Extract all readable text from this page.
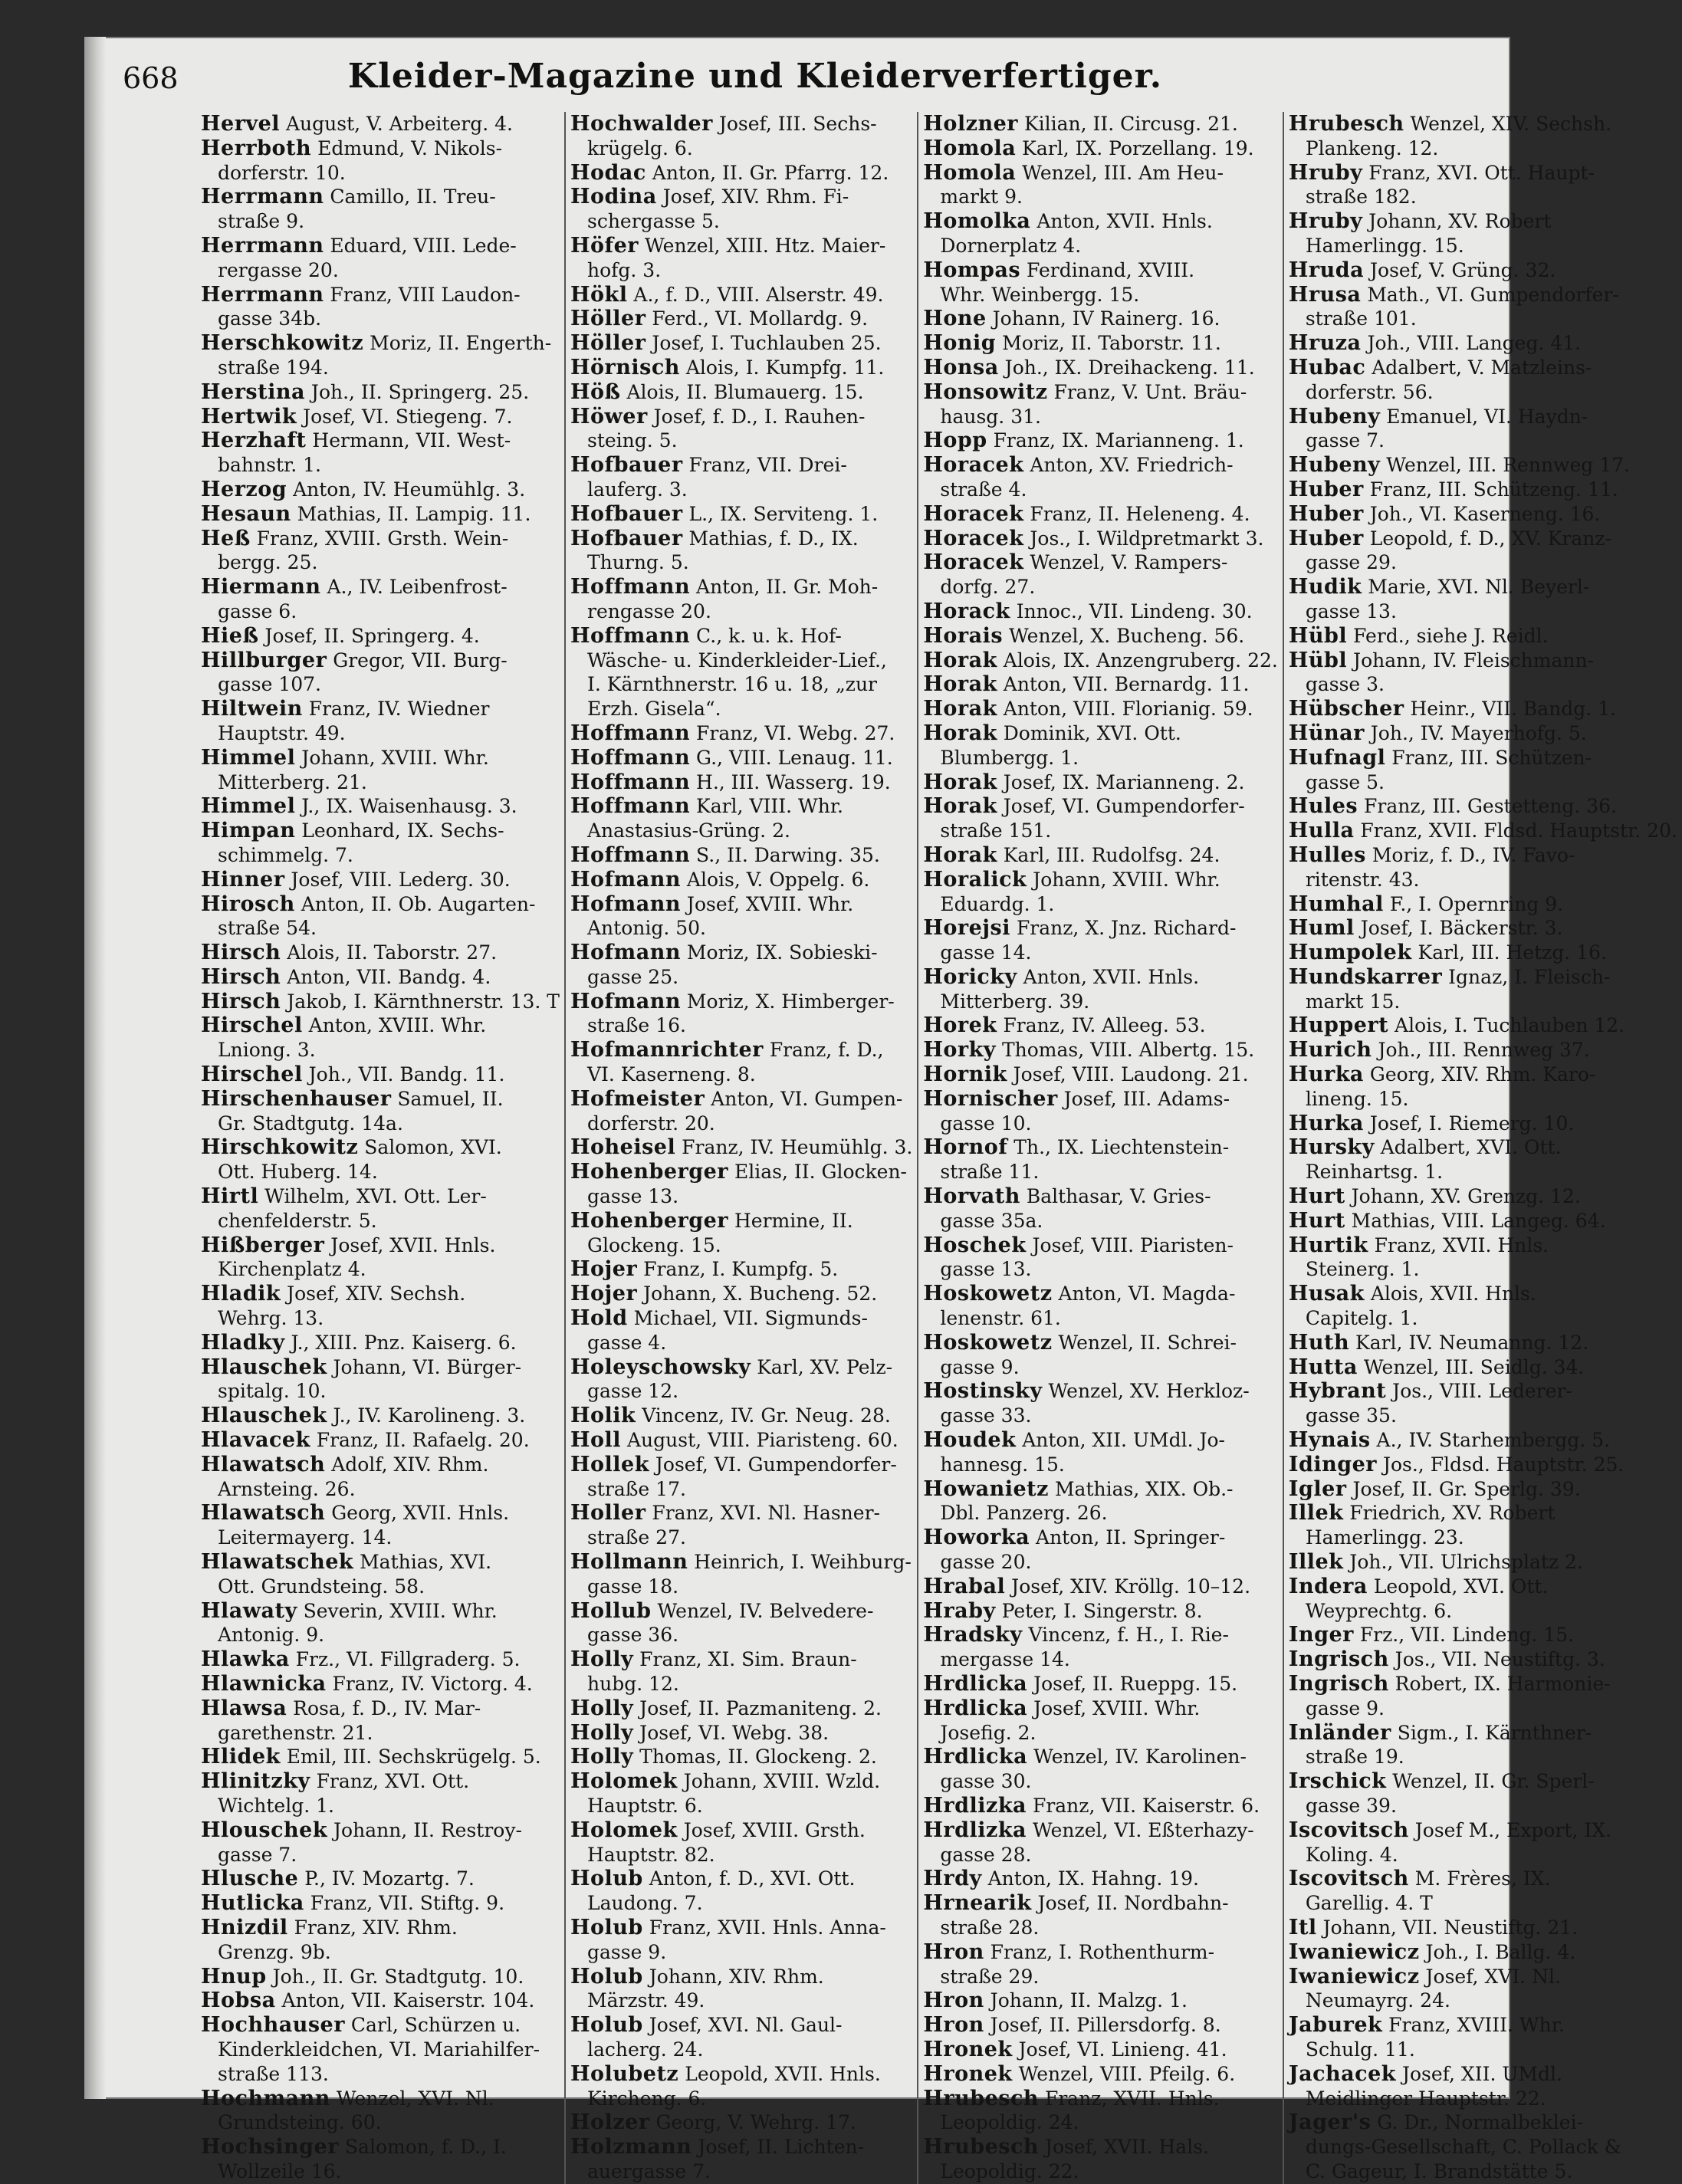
668	Kleider-Magazine und Kleiderverfertiger.
Hervel August, V. Arbeiterg. 4.
Herrboth Edmund, V. Nikols-
dorferstr. 10.
Herrmann Camillo, II. Treu-
straße 9.
Herrmann Eduard, VIII. Lede-
rergasse 20.
Herrmann Franz, VIII Laudon-
gasse 34b.
Herschkowitz Moriz, II. Engerth-
straße 194.
Herstina Joh., II. Springerg. 25.
Hertwik Josef, VI. Stiegeng. 7.
Herzhaft Hermann, VII. West-
bahnstr. 1.
Herzog Anton, IV. Heumühlg. 3.
Hesaun Mathias, II. Lampig. 11.
Heß Franz, XVIII. Grsth. Wein-
bergg. 25.
Hiermann A., IV. Leibenfrost-
gasse 6.
Hieß Josef, II. Springerg. 4.
Hillburger Gregor, VII. Burg-
gasse 107.
Hiltwein Franz, IV. Wiedner
Hauptstr. 49.
Himmel Johann, XVIII. Whr.
Mitterberg. 21.
Himmel J., IX. Waisenhausg. 3.
Himpan Leonhard, IX. Sechs-
schimmelg. 7.
Hinner Josef, VIII. Lederg. 30.
Hirosch Anton, II. Ob. Augarten-
straße 54.
Hirsch Alois, II. Taborstr. 27.
Hirsch Anton, VII. Bandg. 4.
Hirsch Jakob, I. Kärnthnerstr. 13. T
Hirschel Anton, XVIII. Whr.
Lniong. 3.
Hirschel Joh., VII. Bandg. 11.
Hirschenhauser Samuel, II.
Gr. Stadtgutg. 14a.
Hirschkowitz Salomon, XVI.
Ott. Huberg. 14.
Hirtl Wilhelm, XVI. Ott. Ler-
chenfelderstr. 5.
Hißberger Josef, XVII. Hnls.
Kirchenplatz 4.
Hladik Josef, XIV. Sechsh.
Wehrg. 13.
Hladky J., XIII. Pnz. Kaiserg. 6.
Hlauschek Johann, VI. Bürger-
spitalg. 10.
Hlauschek J., IV. Karolineng. 3.
Hlavacek Franz, II. Rafaelg. 20.
Hlawatsch Adolf, XIV. Rhm.
Arnsteing. 26.
Hlawatsch Georg, XVII. Hnls.
Leitermayerg. 14.
Hlawatschek Mathias, XVI.
Ott. Grundsteing. 58.
Hlawaty Severin, XVIII. Whr.
Antonig. 9.
Hlawka Frz., VI. Fillgraderg. 5.
Hlawnicka Franz, IV. Victorg. 4.
Hlawsa Rosa, f. D., IV. Mar-
garethenstr. 21.
Hlidek Emil, III. Sechskrügelg. 5.
Hlinitzky Franz, XVI. Ott.
Wichtelg. 1.
Hlouschek Johann, II. Restroy-
gasse 7.
Hlusche P., IV. Mozartg. 7.
Hutlicka Franz, VII. Stiftg. 9.
Hnizdil Franz, XIV. Rhm.
Grenzg. 9b.
Hnup Joh., II. Gr. Stadtgutg. 10.
Hobsa Anton, VII. Kaiserstr. 104.
Hochhauser Carl, Schürzen u.
Kinderkleidchen, VI. Mariahilfer-
straße 113.
Hochmann Wenzel, XVI. Nl.
Grundsteing. 60.
Hochsinger Salomon, f. D., I.
Wollzeile 16.
Hochwalder Josef, III. Sechs-
krügelg. 6.
Hodac Anton, II. Gr. Pfarrg. 12.
Hodina Josef, XIV. Rhm. Fi-
schergasse 5.
Höfer Wenzel, XIII. Htz. Maier-
hofg. 3.
Hökl A., f. D., VIII. Alserstr. 49.
Höller Ferd., VI. Mollardg. 9.
Höller Josef, I. Tuchlauben 25.
Hörnisch Alois, I. Kumpfg. 11.
Höß Alois, II. Blumauerg. 15.
Höwer Josef, f. D., I. Rauhen-
steing. 5.
Hofbauer Franz, VII. Drei-
lauferg. 3.
Hofbauer L., IX. Serviteng. 1.
Hofbauer Mathias, f. D., IX.
Thurng. 5.
Hoffmann Anton, II. Gr. Moh-
rengasse 20.
Hoffmann C., k. u. k. Hof-
Wäsche- u. Kinderkleider-Lief.,
I. Kärnthnerstr. 16 u. 18, „zur
Erzh. Gisela“.
Hoffmann Franz, VI. Webg. 27.
Hoffmann G., VIII. Lenaug. 11.
Hoffmann H., III. Wasserg. 19.
Hoffmann Karl, VIII. Whr.
Anastasius-Grüng. 2.
Hoffmann S., II. Darwing. 35.
Hofmann Alois, V. Oppelg. 6.
Hofmann Josef, XVIII. Whr.
Antonig. 50.
Hofmann Moriz, IX. Sobieski-
gasse 25.
Hofmann Moriz, X. Himberger-
straße 16.
Hofmannrichter Franz, f. D.,
VI. Kaserneng. 8.
Hofmeister Anton, VI. Gumpen-
dorferstr. 20.
Hoheisel Franz, IV. Heumühlg. 3.
Hohenberger Elias, II. Glocken-
gasse 13.
Hohenberger Hermine, II.
Glockeng. 15.
Hojer Franz, I. Kumpfg. 5.
Hojer Johann, X. Bucheng. 52.
Hold Michael, VII. Sigmunds-
gasse 4.
Holeyschowsky Karl, XV. Pelz-
gasse 12.
Holik Vincenz, IV. Gr. Neug. 28.
Holl August, VIII. Piaristeng. 60.
Hollek Josef, VI. Gumpendorfer-
straße 17.
Holler Franz, XVI. Nl. Hasner-
straße 27.
Hollmann Heinrich, I. Weihburg-
gasse 18.
Hollub Wenzel, IV. Belvedere-
gasse 36.
Holly Franz, XI. Sim. Braun-
hubg. 12.
Holly Josef, II. Pazmaniteng. 2.
Holly Josef, VI. Webg. 38.
Holly Thomas, II. Glockeng. 2.
Holomek Johann, XVIII. Wzld.
Hauptstr. 6.
Holomek Josef, XVIII. Grsth.
Hauptstr. 82.
Holub Anton, f. D., XVI. Ott.
Laudong. 7.
Holub Franz, XVII. Hnls. Anna-
gasse 9.
Holub Johann, XIV. Rhm.
Märzstr. 49.
Holub Josef, XVI. Nl. Gaul-
lacherg. 24.
Holubetz Leopold, XVII. Hnls.
Kircheng. 6.
Holzer Georg, V. Wehrg. 17.
Holzmann Josef, II. Lichten-
auergasse 7.
Holzner Kilian, II. Circusg. 21.
Homola Karl, IX. Porzellang. 19.
Homola Wenzel, III. Am Heu-
markt 9.
Homolka Anton, XVII. Hnls.
Dornerplatz 4.
Hompas Ferdinand, XVIII.
Whr. Weinbergg. 15.
Hone Johann, IV Rainerg. 16.
Honig Moriz, II. Taborstr. 11.
Honsa Joh., IX. Dreihackeng. 11.
Honsowitz Franz, V. Unt. Bräu-
hausg. 31.
Hopp Franz, IX. Marianneng. 1.
Horacek Anton, XV. Friedrich-
straße 4.
Horacek Franz, II. Heleneng. 4.
Horacek Jos., I. Wildpretmarkt 3.
Horacek Wenzel, V. Rampers-
dorfg. 27.
Horack Innoc., VII. Lindeng. 30.
Horais Wenzel, X. Bucheng. 56.
Horak Alois, IX. Anzengruberg. 22.
Horak Anton, VII. Bernardg. 11.
Horak Anton, VIII. Florianig. 59.
Horak Dominik, XVI. Ott.
Blumbergg. 1.
Horak Josef, IX. Marianneng. 2.
Horak Josef, VI. Gumpendorfer-
straße 151.
Horak Karl, III. Rudolfsg. 24.
Horalick Johann, XVIII. Whr.
Eduardg. 1.
Horejsi Franz, X. Jnz. Richard-
gasse 14.
Horicky Anton, XVII. Hnls.
Mitterberg. 39.
Horek Franz, IV. Alleeg. 53.
Horky Thomas, VIII. Albertg. 15.
Hornik Josef, VIII. Laudong. 21.
Hornischer Josef, III. Adams-
gasse 10.
Hornof Th., IX. Liechtenstein-
straße 11.
Horvath Balthasar, V. Gries-
gasse 35a.
Hoschek Josef, VIII. Piaristen-
gasse 13.
Hoskowetz Anton, VI. Magda-
lenenstr. 61.
Hoskowetz Wenzel, II. Schrei-
gasse 9.
Hostinsky Wenzel, XV. Herkloz-
gasse 33.
Houdek Anton, XII. UMdl. Jo-
hannesg. 15.
Howanietz Mathias, XIX. Ob.-
Dbl. Panzerg. 26.
Howorka Anton, II. Springer-
gasse 20.
Hrabal Josef, XIV. Kröllg. 10–12.
Hraby Peter, I. Singerstr. 8.
Hradsky Vincenz, f. H., I. Rie-
mergasse 14.
Hrdlicka Josef, II. Rueppg. 15.
Hrdlicka Josef, XVIII. Whr.
Josefig. 2.
Hrdlicka Wenzel, IV. Karolinen-
gasse 30.
Hrdlizka Franz, VII. Kaiserstr. 6.
Hrdlizka Wenzel, VI. Eßterhazy-
gasse 28.
Hrdy Anton, IX. Hahng. 19.
Hrnearik Josef, II. Nordbahn-
straße 28.
Hron Franz, I. Rothenthurm-
straße 29.
Hron Johann, II. Malzg. 1.
Hron Josef, II. Pillersdorfg. 8.
Hronek Josef, VI. Linieng. 41.
Hronek Wenzel, VIII. Pfeilg. 6.
Hrubesch Franz, XVII. Hnls.
Leopoldig. 24.
Hrubesch Josef, XVII. Hals.
Leopoldig. 22.
Hrubesch Wenzel, XIV. Sechsh.
Plankeng. 12.
Hruby Franz, XVI. Ott. Haupt-
straße 182.
Hruby Johann, XV. Robert
Hamerlingg. 15.
Hruda Josef, V. Grüng. 32.
Hrusa Math., VI. Gumpendorfer-
straße 101.
Hruza Joh., VIII. Langeg. 41.
Hubac Adalbert, V. Matzleins-
dorferstr. 56.
Hubeny Emanuel, VI. Haydn-
gasse 7.
Hubeny Wenzel, III. Rennweg 17.
Huber Franz, III. Schützeng. 11.
Huber Joh., VI. Kaserneng. 16.
Huber Leopold, f. D., XV. Kranz-
gasse 29.
Hudik Marie, XVI. Nl. Beyerl-
gasse 13.
Hübl Ferd., siehe J. Reidl.
Hübl Johann, IV. Fleischmann-
gasse 3.
Hübscher Heinr., VII. Bandg. 1.
Hünar Joh., IV. Mayerhofg. 5.
Hufnagl Franz, III. Schützen-
gasse 5.
Hules Franz, III. Gestetteng. 36.
Hulla Franz, XVII. Fldsd. Hauptstr. 20.
Hulles Moriz, f. D., IV. Favo-
ritenstr. 43.
Humhal F., I. Opernring 9.
Huml Josef, I. Bäckerstr. 3.
Humpolek Karl, III. Hetzg. 16.
Hundskarrer Ignaz, I. Fleisch-
markt 15.
Huppert Alois, I. Tuchlauben 12.
Hurich Joh., III. Rennweg 37.
Hurka Georg, XIV. Rhm. Karo-
lineng. 15.
Hurka Josef, I. Riemerg. 10.
Hursky Adalbert, XVI. Ott.
Reinhartsg. 1.
Hurt Johann, XV. Grenzg. 12.
Hurt Mathias, VIII. Langeg. 64.
Hurtik Franz, XVII. Hnls.
Steinerg. 1.
Husak Alois, XVII. Hnls.
Capitelg. 1.
Huth Karl, IV. Neumanng. 12.
Hutta Wenzel, III. Seidlg. 34.
Hybrant Jos., VIII. Lederer-
gasse 35.
Hynais A., IV. Starhembergg. 5.
Idinger Jos., Fldsd. Hauptstr. 25.
Igler Josef, II. Gr. Sperlg. 39.
Illek Friedrich, XV. Robert
Hamerlingg. 23.
Illek Joh., VII. Ulrichsplatz 2.
Indera Leopold, XVI. Ott.
Weyprechtg. 6.
Inger Frz., VII. Lindeng. 15.
Ingrisch Jos., VII. Neustiftg. 3.
Ingrisch Robert, IX. Harmonie-
gasse 9.
Inländer Sigm., I. Kärnthner-
straße 19.
Irschick Wenzel, II. Gr. Sperl-
gasse 39.
Iscovitsch Josef M., Export, IX.
Koling. 4.
Iscovitsch M. Frères, IX.
Garellig. 4. T
Itl Johann, VII. Neustiftg. 21.
Iwaniewicz Joh., I. Ballg. 4.
Iwaniewicz Josef, XVI. Nl.
Neumayrg. 24.
Jaburek Franz, XVIII. Whr.
Schulg. 11.
Jachacek Josef, XII. UMdl.
Meidlinger Hauptstr. 22.
Jager's G. Dr., Normalbeklei-
dungs-Gesellschaft, C. Pollack &
C. Gageur, I. Brandstätte 5.
